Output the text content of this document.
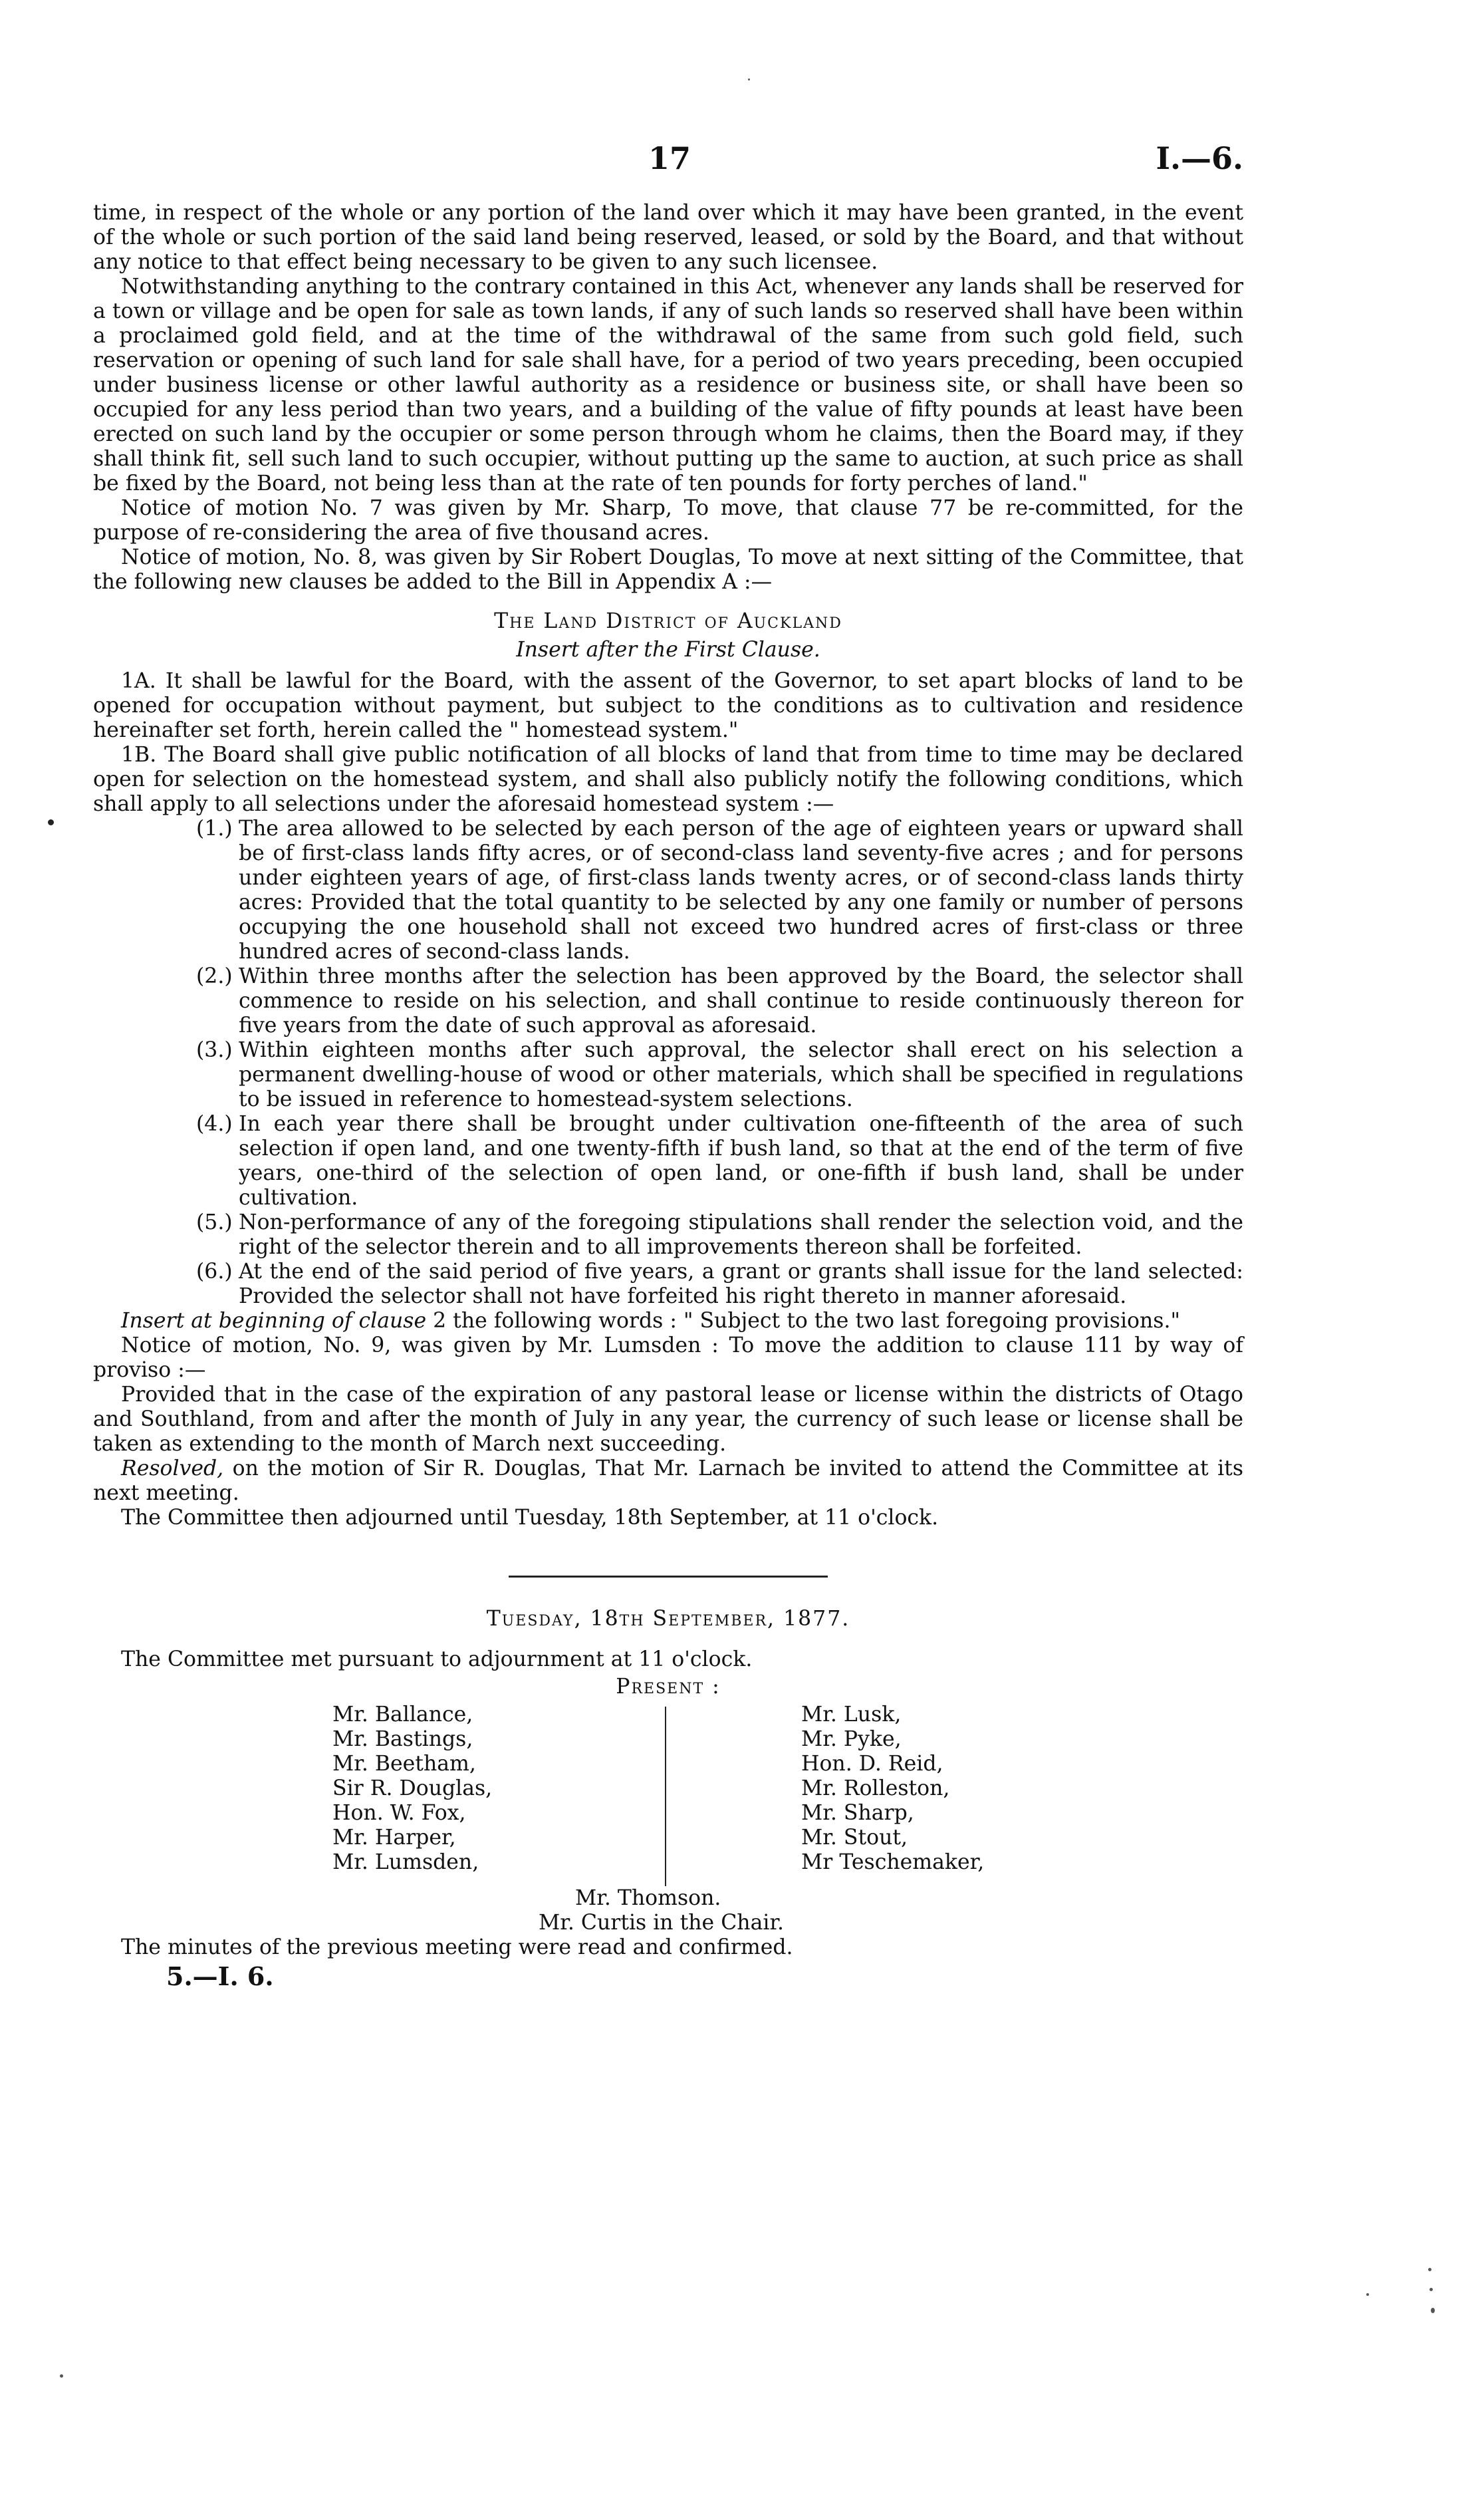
17	I.—6.

time, in respect of the whole or any portion of the land over which it may have been granted, in the event of the whole or such portion of the said land being reserved, leased, or sold by the Board, and that without any notice to that effect being necessary to be given to any such licensee.

Notwithstanding anything to the contrary contained in this Act, whenever any lands shall be reserved for a town or village and be open for sale as town lands, if any of such lands so reserved shall have been within a proclaimed gold field, and at the time of the withdrawal of the same from such gold field, such reservation or opening of such land for sale shall have, for a period of two years preceding, been occupied under business license or other lawful authority as a residence or business site, or shall have been so occupied for any less period than two years, and a building of the value of fifty pounds at least have been erected on such land by the occupier or some person through whom he claims, then the Board may, if they shall think fit, sell such land to such occupier, without putting up the same to auction, at such price as shall be fixed by the Board, not being less than at the rate of ten pounds for forty perches of land."

Notice of motion No. 7 was given by Mr. Sharp, To move, that clause 77 be re-committed, for the purpose of re-considering the area of five thousand acres.

Notice of motion, No. 8, was given by Sir Robert Douglas, To move at next sitting of the Committee, that the following new clauses be added to the Bill in Appendix A :—

The Land District of Auckland

Insert after the First Clause.

1A. It shall be lawful for the Board, with the assent of the Governor, to set apart blocks of land to be opened for occupation without payment, but subject to the conditions as to cultivation and residence hereinafter set forth, herein called the " homestead system."

1B. The Board shall give public notification of all blocks of land that from time to time may be declared open for selection on the homestead system, and shall also publicly notify the following conditions, which shall apply to all selections under the aforesaid homestead system :—

(1.) The area allowed to be selected by each person of the age of eighteen years or upward shall be of first-class lands fifty acres, or of second-class land seventy-five acres ; and for persons under eighteen years of age, of first-class lands twenty acres, or of second-class lands thirty acres: Provided that the total quantity to be selected by any one family or number of persons occupying the one household shall not exceed two hundred acres of first-class or three hundred acres of second-class lands.
(2.) Within three months after the selection has been approved by the Board, the selector shall commence to reside on his selection, and shall continue to reside continuously thereon for five years from the date of such approval as aforesaid.
(3.) Within eighteen months after such approval, the selector shall erect on his selection a permanent dwelling-house of wood or other materials, which shall be specified in regulations to be issued in reference to homestead-system selections.
(4.) In each year there shall be brought under cultivation one-fifteenth of the area of such selection if open land, and one twenty-fifth if bush land, so that at the end of the term of five years, one-third of the selection of open land, or one-fifth if bush land, shall be under cultivation.
(5.) Non-performance of any of the foregoing stipulations shall render the selection void, and the right of the selector therein and to all improvements thereon shall be forfeited.
(6.) At the end of the said period of five years, a grant or grants shall issue for the land selected: Provided the selector shall not have forfeited his right thereto in manner aforesaid.

Insert at beginning of clause 2 the following words : " Subject to the two last foregoing provisions."

Notice of motion, No. 9, was given by Mr. Lumsden : To move the addition to clause 111 by way of proviso :—

Provided that in the case of the expiration of any pastoral lease or license within the districts of Otago and Southland, from and after the month of July in any year, the currency of such lease or license shall be taken as extending to the month of March next succeeding.

Resolved, on the motion of Sir R. Douglas, That Mr. Larnach be invited to attend the Committee at its next meeting.

The Committee then adjourned until Tuesday, 18th September, at 11 o'clock.

Tuesday, 18th September, 1877.

The Committee met pursuant to adjournment at 11 o'clock.

Present :
Mr. Ballance,
Mr. Bastings,
Mr. Beetham,
Sir R. Douglas,
Hon. W. Fox,
Mr. Harper,
Mr. Lumsden,
Mr. Lusk,
Mr. Pyke,
Hon. D. Reid,
Mr. Rolleston,
Mr. Sharp,
Mr. Stout,
Mr Teschemaker,

Mr. Thomson.

Mr. Curtis in the Chair.

The minutes of the previous meeting were read and confirmed.

5.—I. 6.
